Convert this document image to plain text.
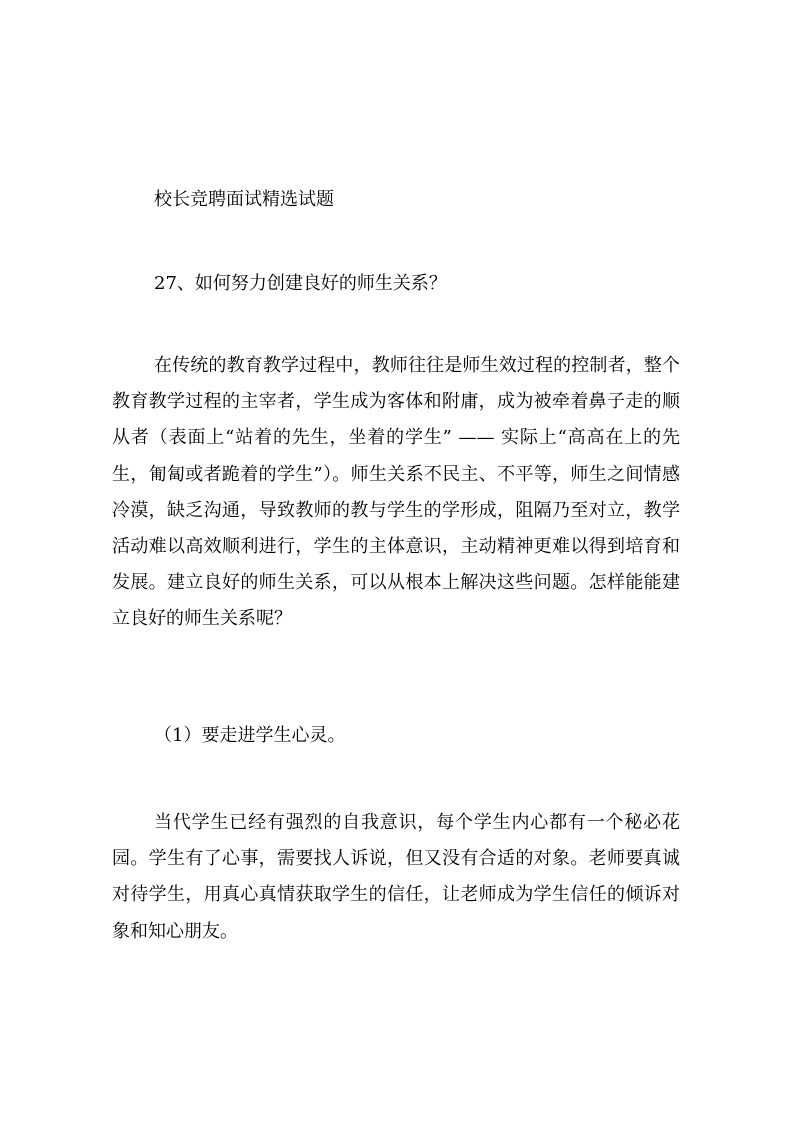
校长竞聘面试精选试题
27、如何努力创建良好的师生关系？
在传统的教育教学过程中，教师往往是师生效过程的控制者，整个教育教学过程的主宰者，学生成为客体和附庸，成为被牵着鼻子走的顺从者（表面上“站着的先生，坐着的学生” —— 实际上“高高在上的先生，匍匐或者跪着的学生”）。师生关系不民主、不平等，师生之间情感冷漠，缺乏沟通，导致教师的教与学生的学形成，阻隔乃至对立，教学活动难以高效顺利进行，学生的主体意识，主动精神更难以得到培育和发展。建立良好的师生关系，可以从根本上解决这些问题。怎样能能建立良好的师生关系呢？
（1）要走进学生心灵。
当代学生已经有强烈的自我意识，每个学生内心都有一个秘必花园。学生有了心事，需要找人诉说，但又没有合适的对象。老师要真诚对待学生，用真心真情获取学生的信任，让老师成为学生信任的倾诉对象和知心朋友。
